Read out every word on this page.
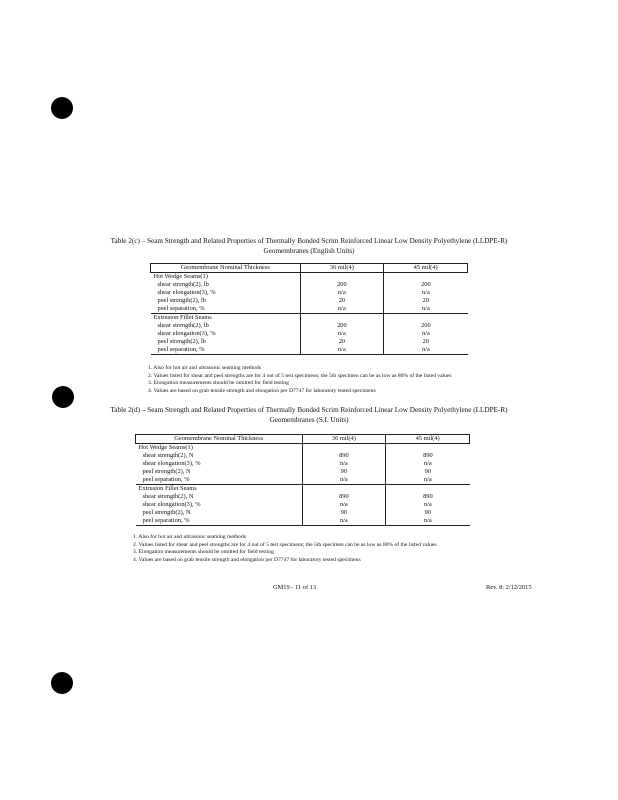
Table 2(c) – Seam Strength and Related Properties of Thermally Bonded Scrim Reinforced Linear Low Density Polyethylene (LLDPE-R)
Geomembranes (English Units)
Geomembrane Nominal Thickness	36 mil(4)	45 mil(4)
Hot Wedge Seams(1)		
shear strength(2), lb	200	200
shear elongation(3), %	n/a	n/a
peel strength(2), lb	20	20
peel separation, %	n/a	n/a
Extrusion Fillet Seams		
shear strength(2), lb	200	200
shear elongation(3), %	n/a	n/a
peel strength(2), lb	20	20
peel separation, %	n/a	n/a
1. Also for hot air and ultrasonic seaming methods
2. Values listed for shear and peel strengths are for 4 out of 5 test specimens; the 5th specimen can be as low as 80% of the listed values
3. Elongation measurements should be omitted for field testing
4. Values are based on grab tensile strength and elongation per D7747 for laboratory tested specimens
Table 2(d) – Seam Strength and Related Properties of Thermally Bonded Scrim Reinforced Linear Low Density Polyethylene (LLDPE-R)
Geomembranes (S.I. Units)
Geomembrane Nominal Thickness	36 mil(4)	45 mil(4)
Hot Wedge Seams(1)		
shear strength(2), N	890	890
shear elongation(3), %	n/a	n/a
peel strength(2), N	90	90
peel separation, %	n/a	n/a
Extrusion Fillet Seams		
shear strength(2), N	890	890
shear elongation(3), %	n/a	n/a
peel strength(2), N	90	90
peel separation, %	n/a	n/a
1. Also for hot air and ultrasonic seaming methods
2. Values listed for shear and peel strengths are for 4 out of 5 test specimens; the 5th specimen can be as low as 80% of the listed values
3. Elongation measurements should be omitted for field testing
4. Values are based on grab tensile strength and elongation per D7747 for laboratory tested specimens
GM19 - 11 of 13	Rev. 8: 2/12/2015
